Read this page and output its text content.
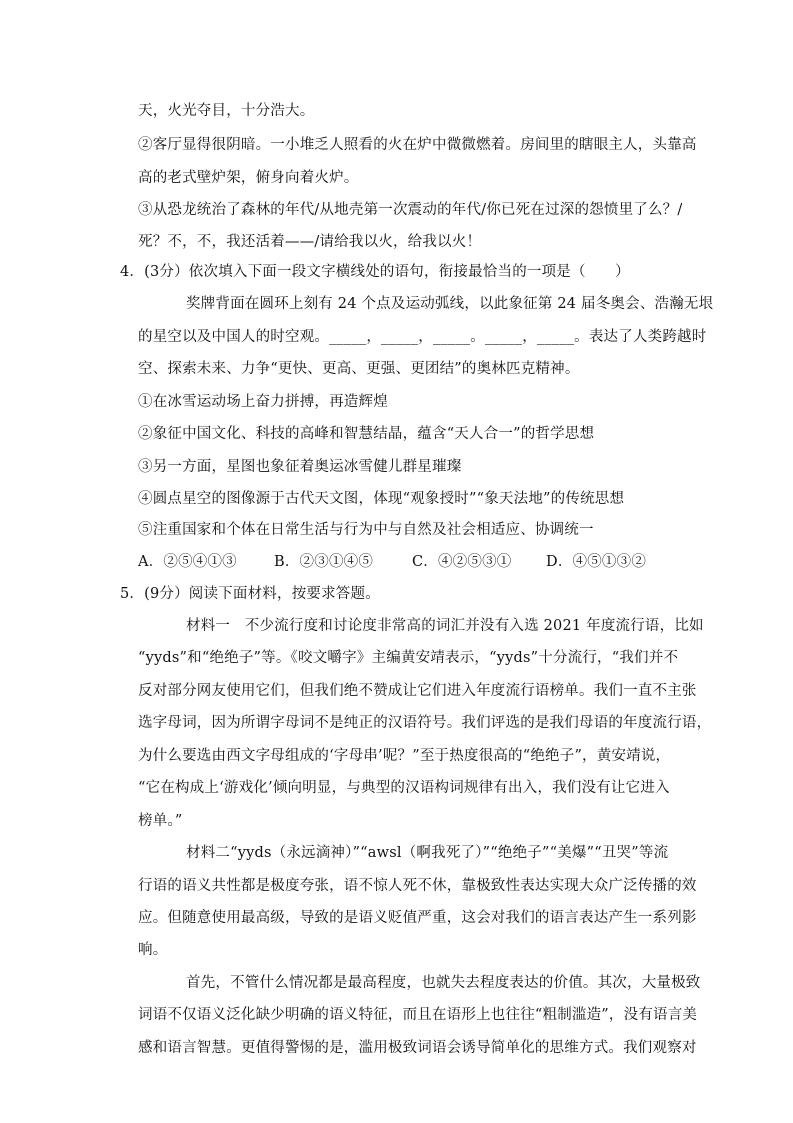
A．②⑤④①③	B．②③①④⑤	C．④②⑤③① D．④⑤①③②
天，火光夺目，十分浩大。
②客厅显得很阴暗。一小堆乏人照看的火在炉中微微燃着。房间里的瞎眼主人，头靠高
高的老式壁炉架，俯身向着火炉。
③从恐龙统治了森林的年代/从地壳第一次震动的年代/你已死在过深的怨愤里了么？/
死？不，不，我还活着——/请给我以火，给我以火！
4．(3分）依次填入下面一段文字横线处的语句，衔接最恰当的一项是（　　）
奖牌背面在圆环上刻有 24 个点及运动弧线，以此象征第 24 届冬奥会、浩瀚无垠
的星空以及中国人的时空观。_____，_____，_____。_____，_____。表达了人类跨越时
空、探索未来、力争“更快、更高、更强、更团结”的奥林匹克精神。
①在冰雪运动场上奋力拼搏，再造辉煌
②象征中国文化、科技的高峰和智慧结晶，蕴含“天人合一”的哲学思想
③另一方面，星图也象征着奥运冰雪健儿群星璀璨
④圆点星空的图像源于古代天文图，体现“观象授时”“象天法地”的传统思想
⑤注重国家和个体在日常生活与行为中与自然及社会相适应、协调统一
5．(9分）阅读下面材料，按要求答题。
材料一　不少流行度和讨论度非常高的词汇并没有入选 2021 年度流行语，比如
“yyds”和“绝绝子”等。《咬文嚼字》主编黄安靖表示，“yyds”十分流行，“我们并不
反对部分网友使用它们，但我们绝不赞成让它们进入年度流行语榜单。我们一直不主张
选字母词，因为所谓字母词不是纯正的汉语符号。我们评选的是我们母语的年度流行语，
为什么要选由西文字母组成的‘字母串’呢？”至于热度很高的“绝绝子”，黄安靖说，
“它在构成上‘游戏化’倾向明显，与典型的汉语构词规律有出入，我们没有让它进入
榜单。”
材料二“yyds（永远滴神）”“awsl（啊我死了）”“绝绝子”“美爆”“丑哭”等流
行语的语义共性都是极度夸张，语不惊人死不休，靠极致性表达实现大众广泛传播的效
应。但随意使用最高级，导致的是语义贬值严重，这会对我们的语言表达产生一系列影
响。
首先，不管什么情况都是最高程度，也就失去程度表达的价值。其次，大量极致
词语不仅语义泛化缺少明确的语义特征，而且在语形上也往往“粗制滥造”，没有语言美
感和语言智慧。更值得警惕的是，滥用极致词语会诱导简单化的思维方式。我们观察对
